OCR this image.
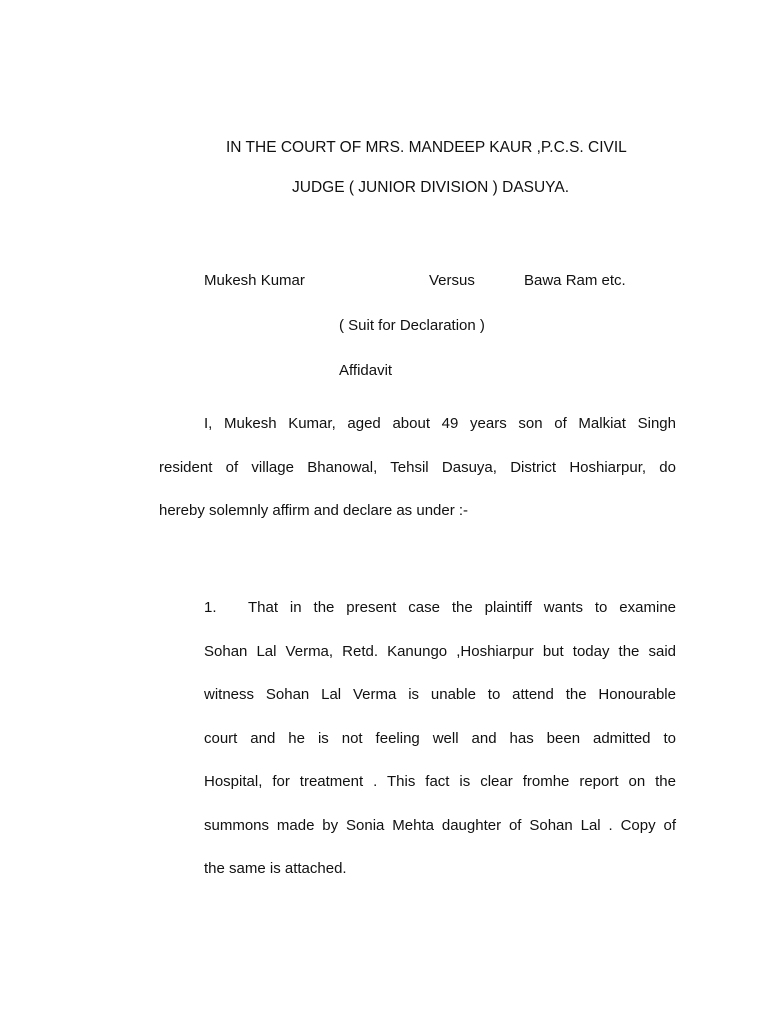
IN THE COURT OF MRS. MANDEEP KAUR ,P.C.S. CIVIL
JUDGE ( JUNIOR DIVISION ) DASUYA.
Mukesh Kumar	Versus	Bawa Ram etc.
( Suit for Declaration )
Affidavit
I, Mukesh Kumar, aged about 49 years son of Malkiat Singh
resident of village Bhanowal, Tehsil Dasuya, District Hoshiarpur, do
hereby solemnly affirm and declare as under :-
1. That in the present case the plaintiff wants to examine
Sohan Lal Verma, Retd. Kanungo ,Hoshiarpur but today the said
witness Sohan Lal Verma is unable to attend the Honourable
court and he is not feeling well and has been admitted to
Hospital, for treatment . This fact is clear fromhe report on the
summons made by Sonia Mehta daughter of Sohan Lal . Copy of
the same is attached.
